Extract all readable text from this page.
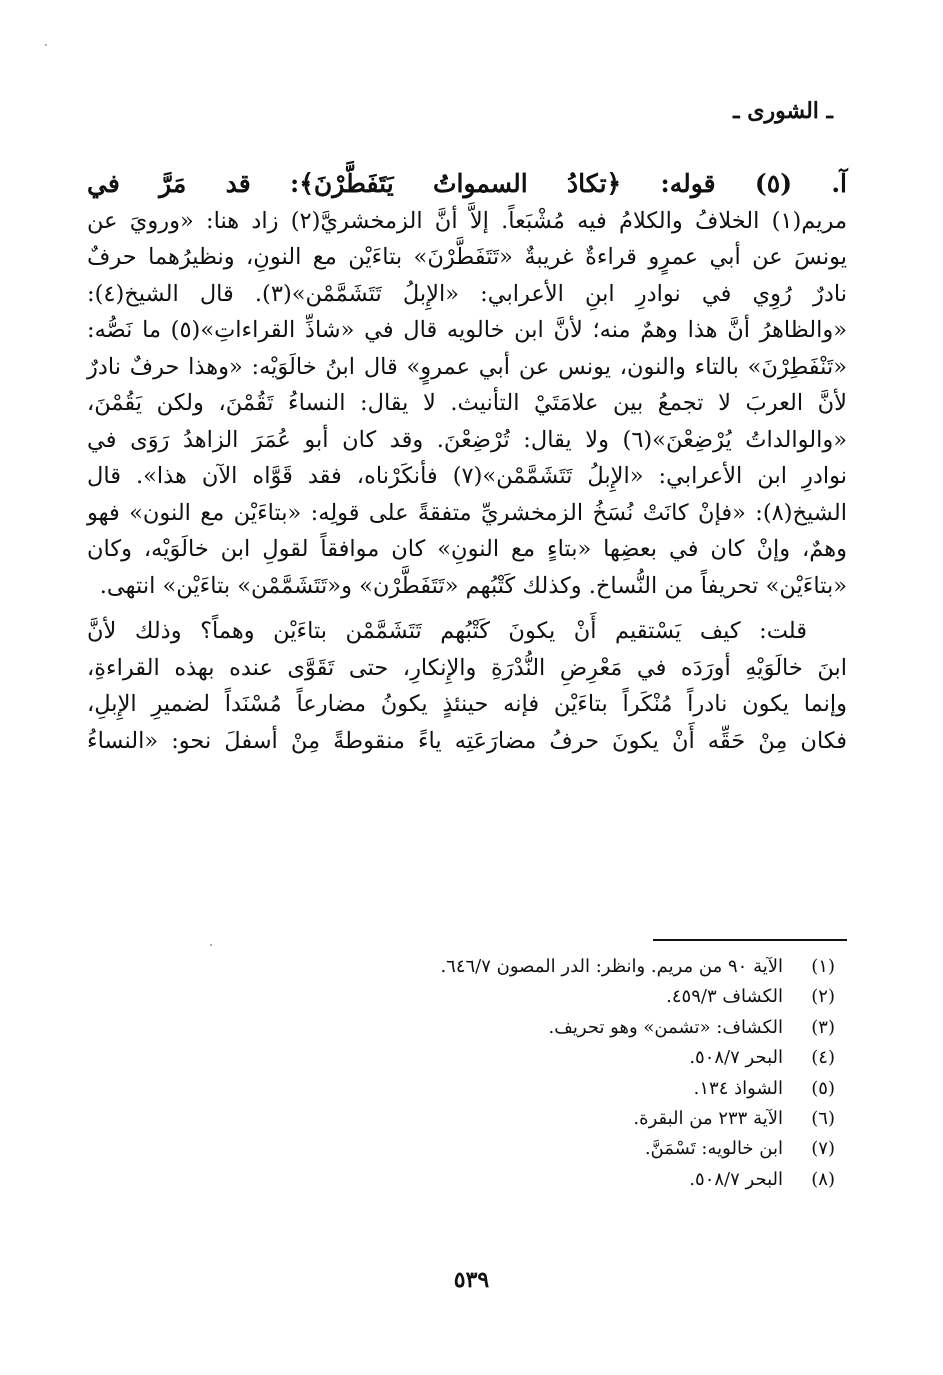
ـ الشورى ـ
آ. (٥) قوله: ﴿تكادُ السمواتُ يَتَفَطَّرْنَ﴾: قد مَرَّ في
مريم(١) الخلافُ والكلامُ فيه مُشْبَعاً. إلاَّ أنَّ الزمخشريَّ(٢) زاد هنا: «ورويَ عن
يونسَ عن أبي عمرٍو قراءةٌ غريبةٌ «تَتَفَطَّرْنَ» بتاءَيْن مع النونِ، ونظيرُهما حرفٌ
نادرٌ رُوِي في نوادرِ ابنِ الأعرابي: «الإِبلُ تَتَشَمَّمْن»(٣). قال الشيخ(٤):
«والظاهرُ أنَّ هذا وهمٌ منه؛ لأنَّ ابن خالويه قال في «شاذِّ القراءاتِ»(٥) ما نَصُّه:
«تَنْفَطِرْنَ» بالتاء والنون، يونس عن أبي عمروٍ» قال ابنُ خالَوَيْه: «وهذا حرفٌ نادرٌ
لأنَّ العربَ لا تجمعُ بين علامَتَيْ التأنيث. لا يقال: النساءُ تَقُمْنَ، ولكن يَقُمْنَ،
«والوالداتُ يُرْضِعْنَ»(٦) ولا يقال: تُرْضِعْنَ. وقد كان أبو عُمَرَ الزاهدُ رَوَى في
نوادرِ ابن الأعرابي: «الإِبلُ تَتَشَمَّمْن»(٧) فأنكَرْناه، فقد قَوَّاه الآن هذا». قال
الشيخ(٨): «فإنْ كانَتْ نُسَخُ الزمخشريِّ متفقةً على قولِه: «بتاءَيْن مع النون» فهو
وهمٌ، وإنْ كان في بعضِها «بتاءٍ مع النونِ» كان موافقاً لقولِ ابن خالَوَيْه، وكان
«بتاءَيْن» تحريفاً من النُّساخ. وكذلك كَتْبُهم «تَتَفَطَّرْن» و«تَتَشَمَّمْن» بتاءَيْن» انتهى.
قلت: كيف يَسْتقيم أَنْ يكونَ كَتْبُهم تَتَشَمَّمْن بتاءَيْن وهماً؟ وذلك لأنَّ
ابنَ خالَوَيْهِ أورَدَه في مَعْرِضِ النُّدْرَةِ والإِنكارِ، حتى تَقَوَّى عنده بهذه القراءةِ،
وإنما يكون نادراً مُنْكَراً بتاءَيْن فإنه حينئذٍ يكونُ مضارعاً مُسْنَداً لضميرِ الإِبلِ،
فكان مِنْ حَقِّه أَنْ يكونَ حرفُ مضارَعَتِه ياءً منقوطةً مِنْ أسفلَ نحو: «النساءُ
(١)
الآية ٩٠ من مريم. وانظر: الدر المصون ٦٤٦/٧.
(٢)
الكشاف ٤٥٩/٣.
(٣)
الكشاف: «تشمن» وهو تحريف.
(٤)
البحر ٥٠٨/٧.
(٥)
الشواذ ١٣٤.
(٦)
الآية ٢٣٣ من البقرة.
(٧)
ابن خالويه: تَسْمَنَّ.
(٨)
البحر ٥٠٨/٧.
٥٣٩
